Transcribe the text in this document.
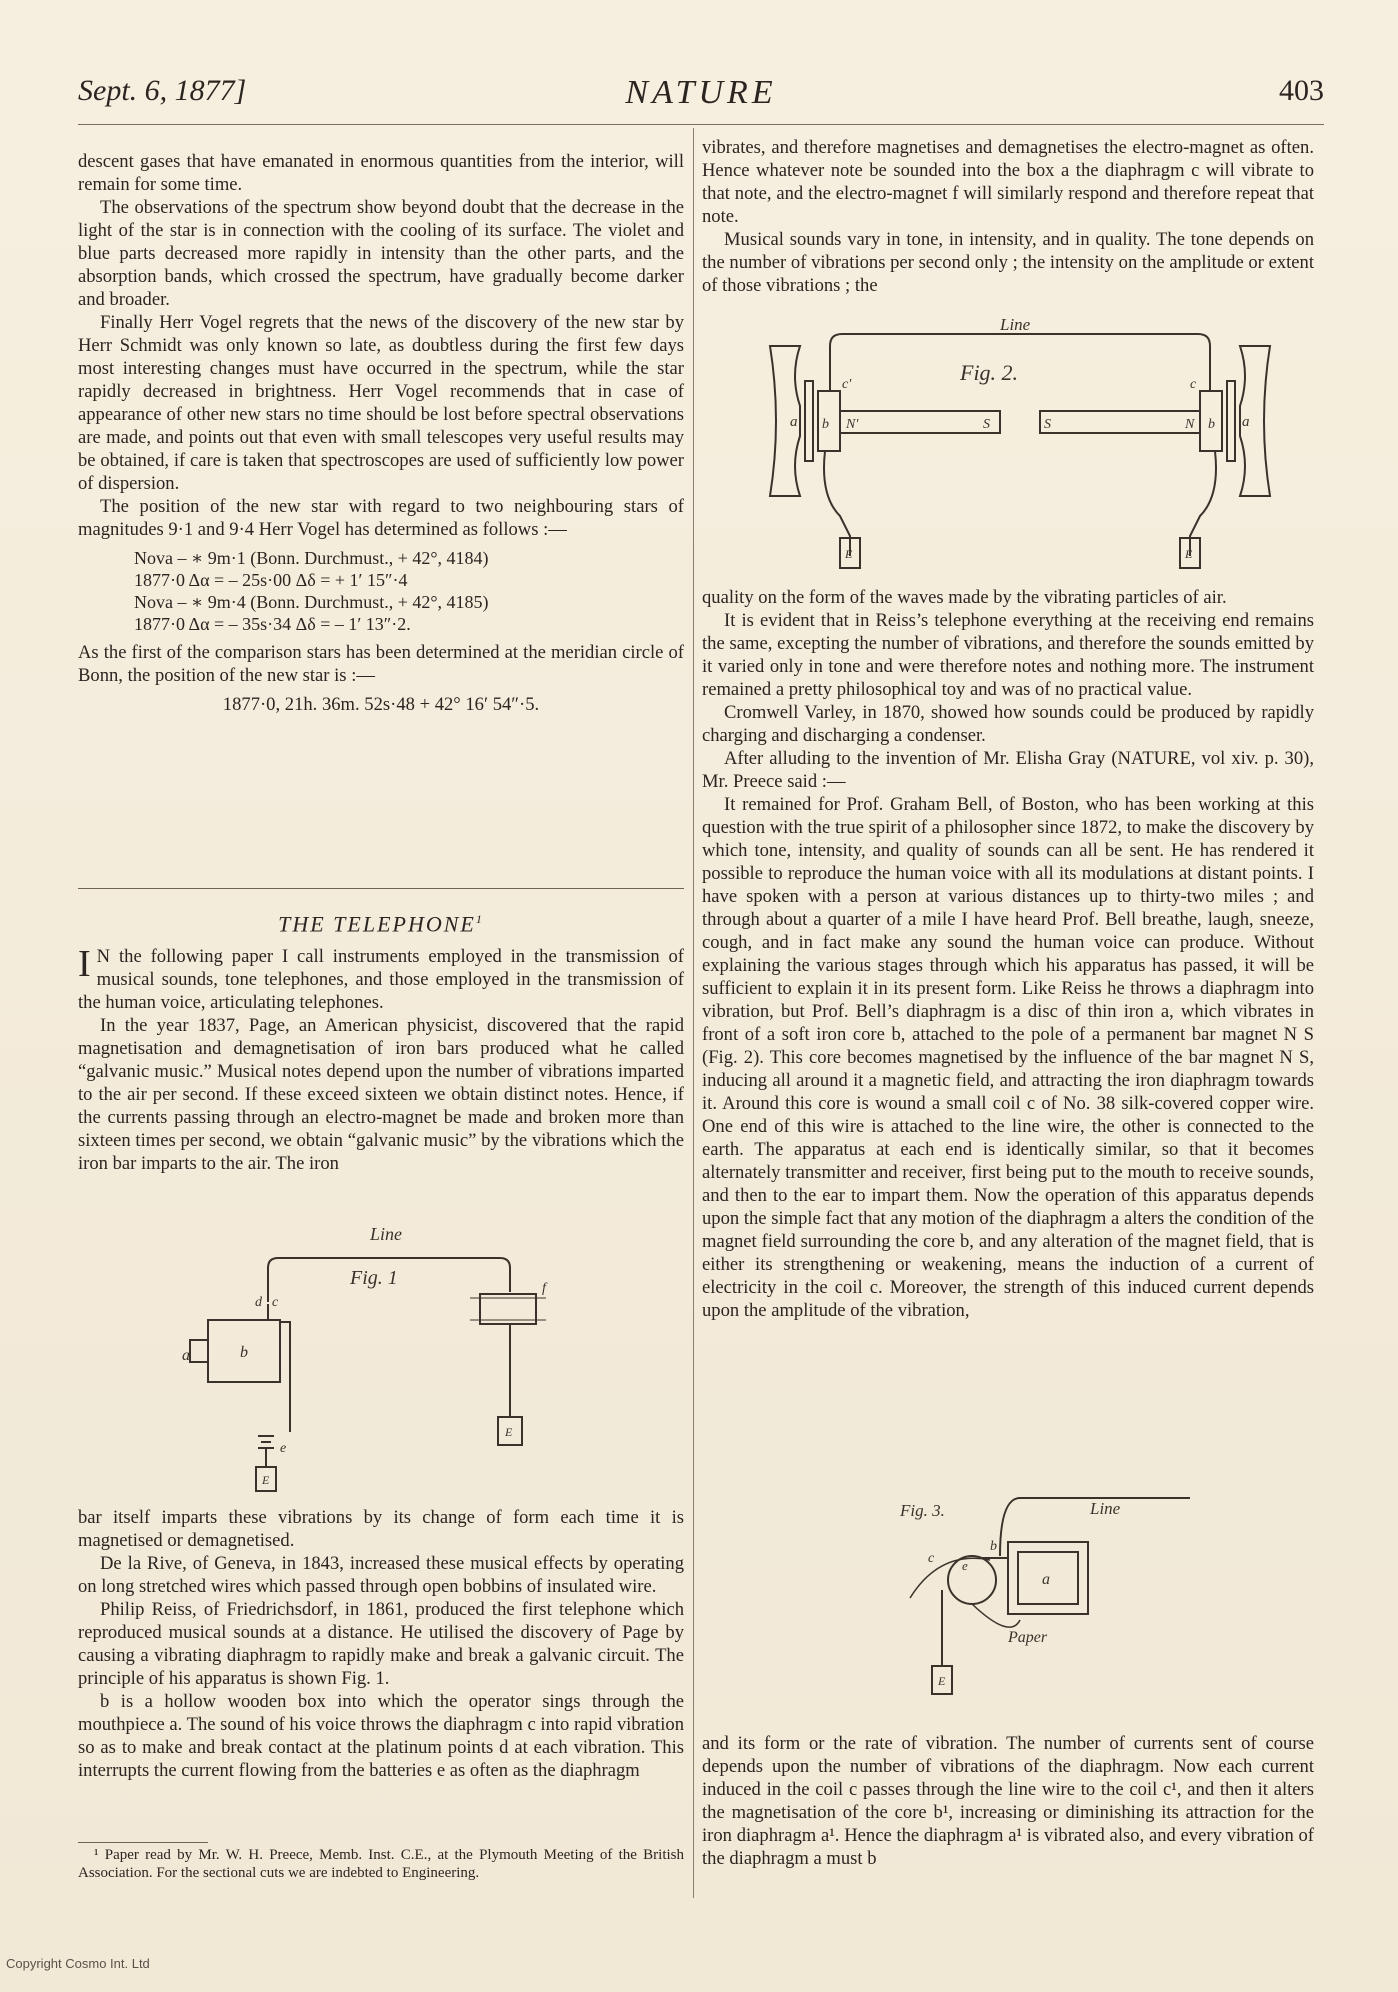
Sept. 6, 1877]	NATURE	403

descent gases that have emanated in enormous quantities from the interior, will remain for some time.

The observations of the spectrum show beyond doubt that the decrease in the light of the star is in connection with the cooling of its surface. The violet and blue parts decreased more rapidly in intensity than the other parts, and the absorption bands, which crossed the spectrum, have gradually become darker and broader.

Finally Herr Vogel regrets that the news of the discovery of the new star by Herr Schmidt was only known so late, as doubtless during the first few days most interesting changes must have occurred in the spectrum, while the star rapidly decreased in brightness. Herr Vogel recommends that in case of appearance of other new stars no time should be lost before spectral observations are made, and points out that even with small telescopes very useful results may be obtained, if care is taken that spectroscopes are used of sufficiently low power of dispersion.

The position of the new star with regard to two neighbouring stars of magnitudes 9·1 and 9·4 Herr Vogel has determined as follows :—

Nova – ∗ 9m·1 (Bonn. Durchmust., + 42°, 4184)
1877·0 Δα = – 25s·00 Δδ = + 1′ 15″·4
Nova – ∗ 9m·4 (Bonn. Durchmust., + 42°, 4185)
1877·0 Δα = – 35s·34 Δδ = – 1′ 13″·2.

As the first of the comparison stars has been determined at the meridian circle of Bonn, the position of the new star is :—

1877·0, 21h. 36m. 52s·48 + 42° 16′ 54″·5.

THE TELEPHONE$^1$

I N the following paper I call instruments employed in the transmission of musical sounds, tone telephones, and those employed in the transmission of the human voice, articulating telephones.

In the year 1837, Page, an American physicist, discovered that the rapid magnetisation and demagnetisation of iron bars produced what he called “galvanic music.” Musical notes depend upon the number of vibrations imparted to the air per second. If these exceed sixteen we obtain distinct notes. Hence, if the currents passing through an electro-magnet be made and broken more than sixteen times per second, we obtain “galvanic music” by the vibrations which the iron bar imparts to the air. The iron

Line
Fig. 1
a	b
d c
e
E
f
E

bar itself imparts these vibrations by its change of form each time it is magnetised or demagnetised.

De la Rive, of Geneva, in 1843, increased these musical effects by operating on long stretched wires which passed through open bobbins of insulated wire.

Philip Reiss, of Friedrichsdorf, in 1861, produced the first telephone which reproduced musical sounds at a distance. He utilised the discovery of Page by causing a vibrating diaphragm to rapidly make and break a galvanic circuit. The principle of his apparatus is shown Fig. 1.

b is a hollow wooden box into which the operator sings through the mouthpiece a. The sound of his voice throws the diaphragm c into rapid vibration so as to make and break contact at the platinum points d at each vibration. This interrupts the current flowing from the batteries e as often as the diaphragm

¹ Paper read by Mr. W. H. Preece, Memb. Inst. C.E., at the Plymouth Meeting of the British Association. For the sectional cuts we are indebted to Engineering.

vibrates, and therefore magnetises and demagnetises the electro-magnet as often. Hence whatever note be sounded into the box a the diaphragm c will vibrate to that note, and the electro-magnet f will similarly respond and therefore repeat that note.

Musical sounds vary in tone, in intensity, and in quality. The tone depends on the number of vibrations per second only ; the intensity on the amplitude or extent of those vibrations ; the

Line
E	E
Fig. 2.
a	a
b	b
c′	c
N′	S	S	N

quality on the form of the waves made by the vibrating particles of air.

It is evident that in Reiss’s telephone everything at the receiving end remains the same, excepting the number of vibrations, and therefore the sounds emitted by it varied only in tone and were therefore notes and nothing more. The instrument remained a pretty philosophical toy and was of no practical value.

Cromwell Varley, in 1870, showed how sounds could be produced by rapidly charging and discharging a condenser.

After alluding to the invention of Mr. Elisha Gray (NATURE, vol xiv. p. 30), Mr. Preece said :—

It remained for Prof. Graham Bell, of Boston, who has been working at this question with the true spirit of a philosopher since 1872, to make the discovery by which tone, intensity, and quality of sounds can all be sent. He has rendered it possible to reproduce the human voice with all its modulations at distant points. I have spoken with a person at various distances up to thirty-two miles ; and through about a quarter of a mile I have heard Prof. Bell breathe, laugh, sneeze, cough, and in fact make any sound the human voice can produce. Without explaining the various stages through which his apparatus has passed, it will be sufficient to explain it in its present form. Like Reiss he throws a diaphragm into vibration, but Prof. Bell’s diaphragm is a disc of thin iron a, which vibrates in front of a soft iron core b, attached to the pole of a permanent bar magnet N S (Fig. 2). This core becomes magnetised by the influence of the bar magnet N S, inducing all around it a magnetic field, and attracting the iron diaphragm towards it. Around this core is wound a small coil c of No. 38 silk-covered copper wire. One end of this wire is attached to the line wire, the other is connected to the earth. The apparatus at each end is identically similar, so that it becomes alternately transmitter and receiver, first being put to the mouth to receive sounds, and then to the ear to impart them. Now the operation of this apparatus depends upon the simple fact that any motion of the diaphragm a alters the condition of the magnet field surrounding the core b, and any alteration of the magnet field, that is either its strengthening or weakening, means the induction of a current of electricity in the coil c. Moreover, the strength of this induced current depends upon the amplitude of the vibration,

Fig. 3.	Line
a
b
c e
Paper
E

and its form or the rate of vibration. The number of currents sent of course depends upon the number of vibrations of the diaphragm. Now each current induced in the coil c passes through the line wire to the coil c¹, and then it alters the magnetisation of the core b¹, increasing or diminishing its attraction for the iron diaphragm a¹. Hence the diaphragm a¹ is vibrated also, and every vibration of the diaphragm a must b

Copyright Cosmo Int. Ltd
